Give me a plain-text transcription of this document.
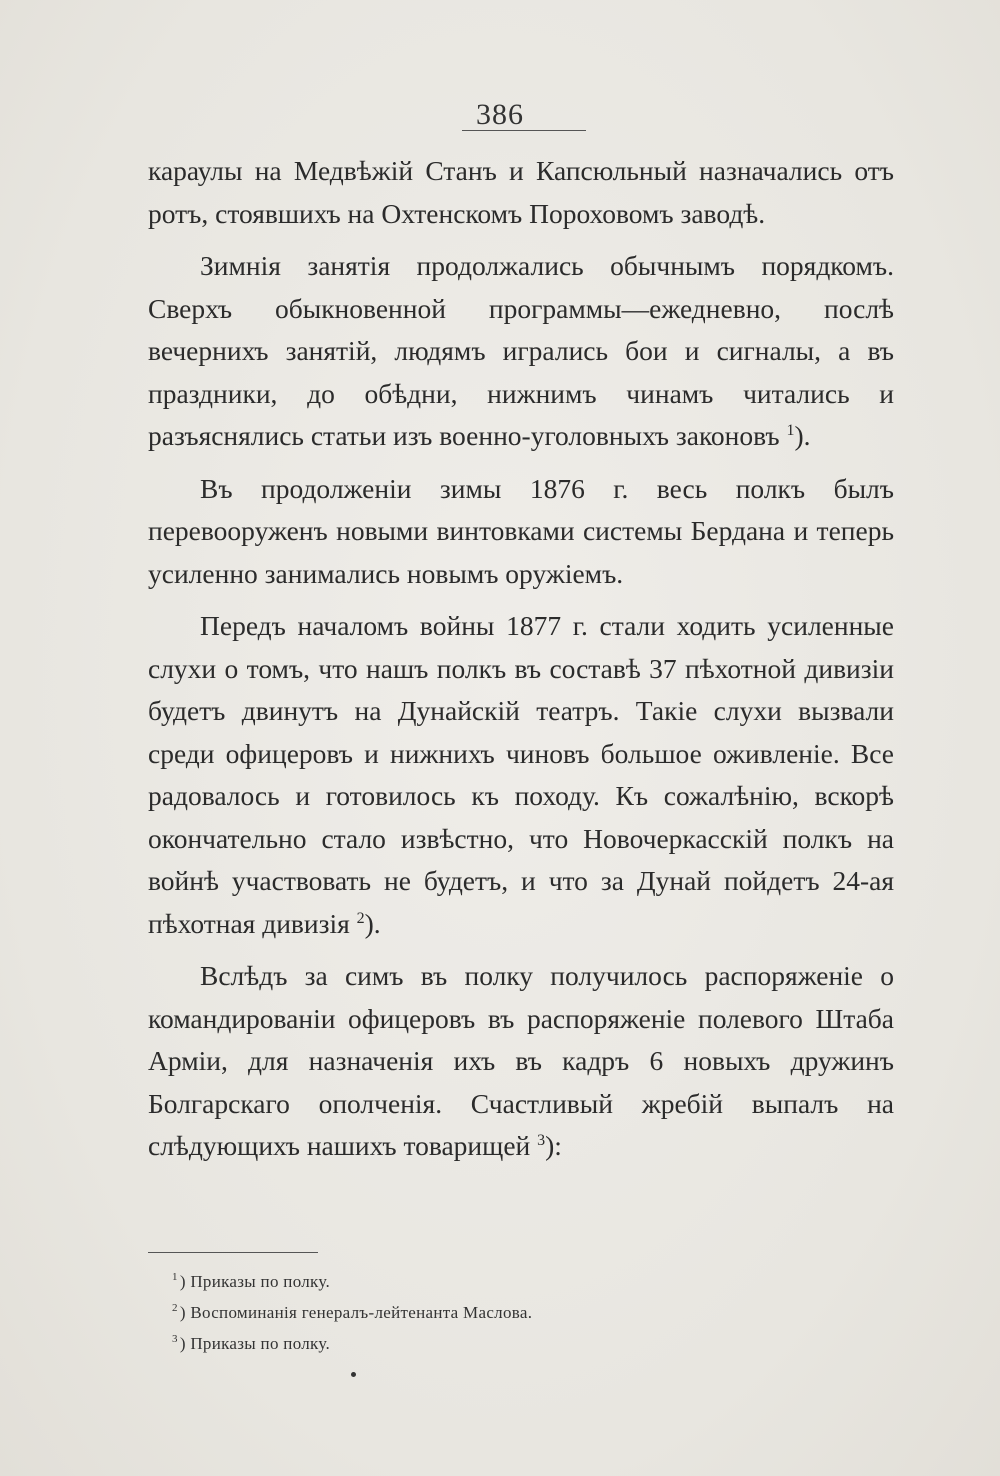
386

караулы на Медвѣжій Станъ и Капсюльный назначались отъ ротъ, стоявшихъ на Охтенскомъ Пороховомъ заводѣ.

Зимнія занятія продолжались обычнымъ порядкомъ. Сверхъ обыкновенной программы—ежедневно, послѣ вечернихъ занятій, людямъ игрались бои и сигналы, а въ праздники, до обѣдни, нижнимъ чинамъ читались и разъяснялись статьи изъ военно-уголовныхъ законовъ $^1$).

Въ продолженіи зимы 1876 г. весь полкъ былъ перевооруженъ новыми винтовками системы Бердана и теперь усиленно занимались новымъ оружіемъ.

Передъ началомъ войны 1877 г. стали ходить усиленные слухи о томъ, что нашъ полкъ въ составѣ 37 пѣхотной дивизіи будетъ двинутъ на Дунайскій театръ. Такіе слухи вызвали среди офицеровъ и нижнихъ чиновъ большое оживленіе. Все радовалось и готовилось къ походу. Къ сожалѣнію, вскорѣ окончательно стало извѣстно, что Новочеркасскій полкъ на войнѣ участвовать не будетъ, и что за Дунай пойдетъ 24-ая пѣхотная дивизія $^2$).

Вслѣдъ за симъ въ полку получилось распоряженіе о командированіи офицеровъ въ распоряженіе полевого Штаба Арміи, для назначенія ихъ въ кадръ 6 новыхъ дружинъ Болгарскаго ополченія. Счастливый жребій выпалъ на слѣдующихъ нашихъ товарищей $^3$):

$^1$ ) Приказы по полку.
$^2$ ) Воспоминанія генералъ-лейтенанта Маслова.
$^3$ ) Приказы по полку.
